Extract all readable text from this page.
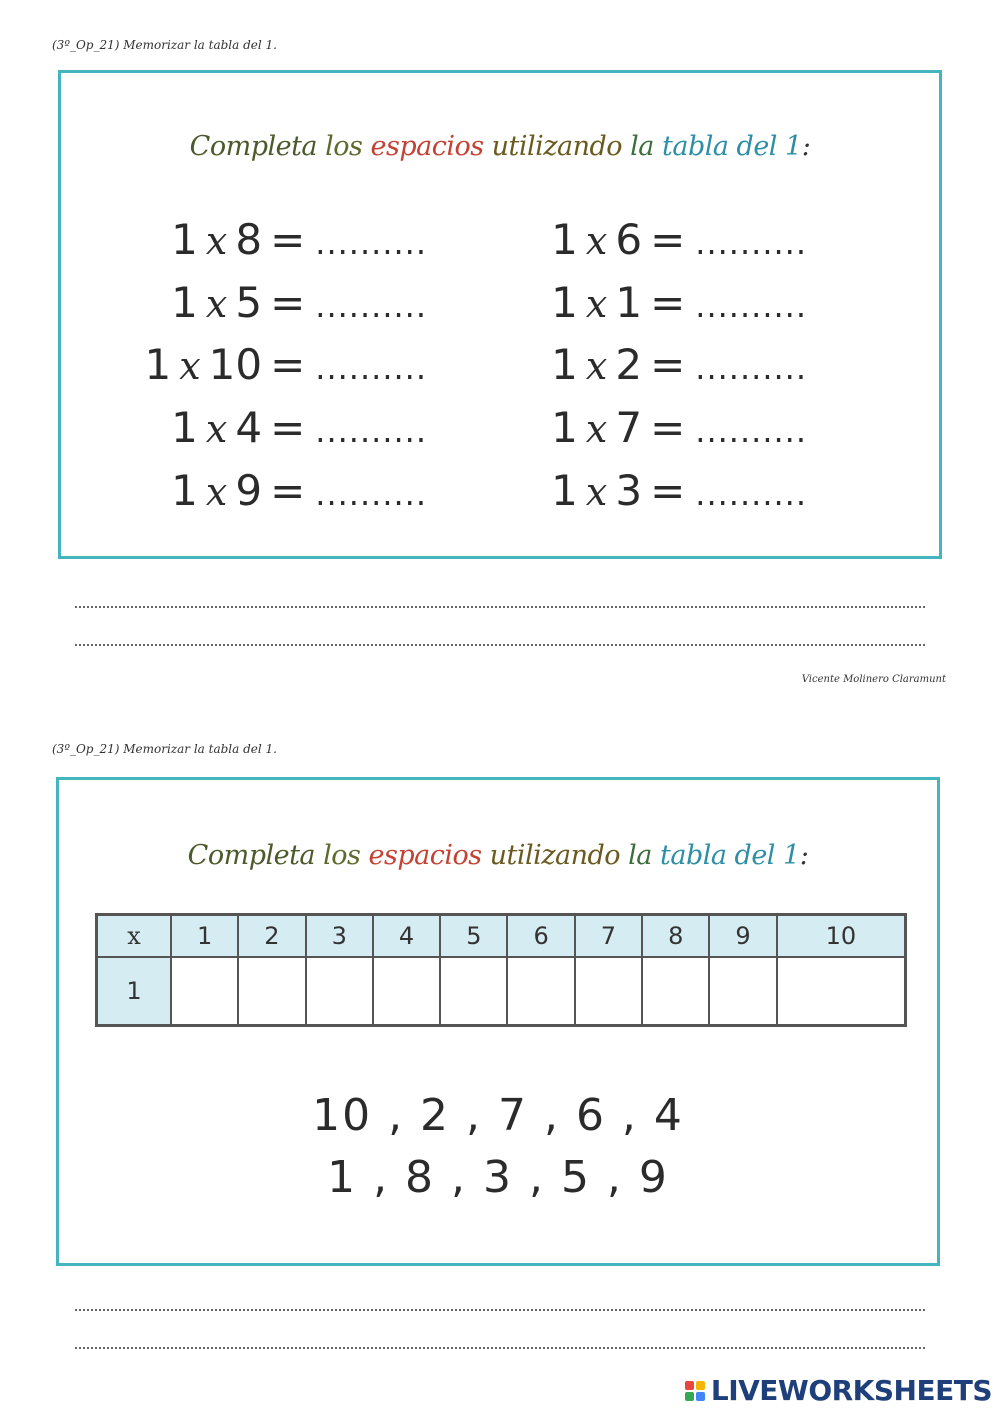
(3º_Op_21) Memorizar la tabla del 1.
Completa los espacios utilizando la tabla del 1:
1 x 8 = ..........
1 x 5 = ..........
1 x 10 = ..........
1 x 4 = ..........
1 x 9 = ..........
1 x 6 = ..........
1 x 1 = ..........
1 x 2 = ..........
1 x 7 = ..........
1 x 3 = ..........
Vicente Molinero Claramunt
(3º_Op_21) Memorizar la tabla del 1.
Completa los espacios utilizando la tabla del 1:
x	1	2	3	4	5	6	7	8	9	10
1										
10 , 2 , 7 , 6 , 4
1 , 8 , 3 , 5 , 9
LIVEWORKSHEETS
